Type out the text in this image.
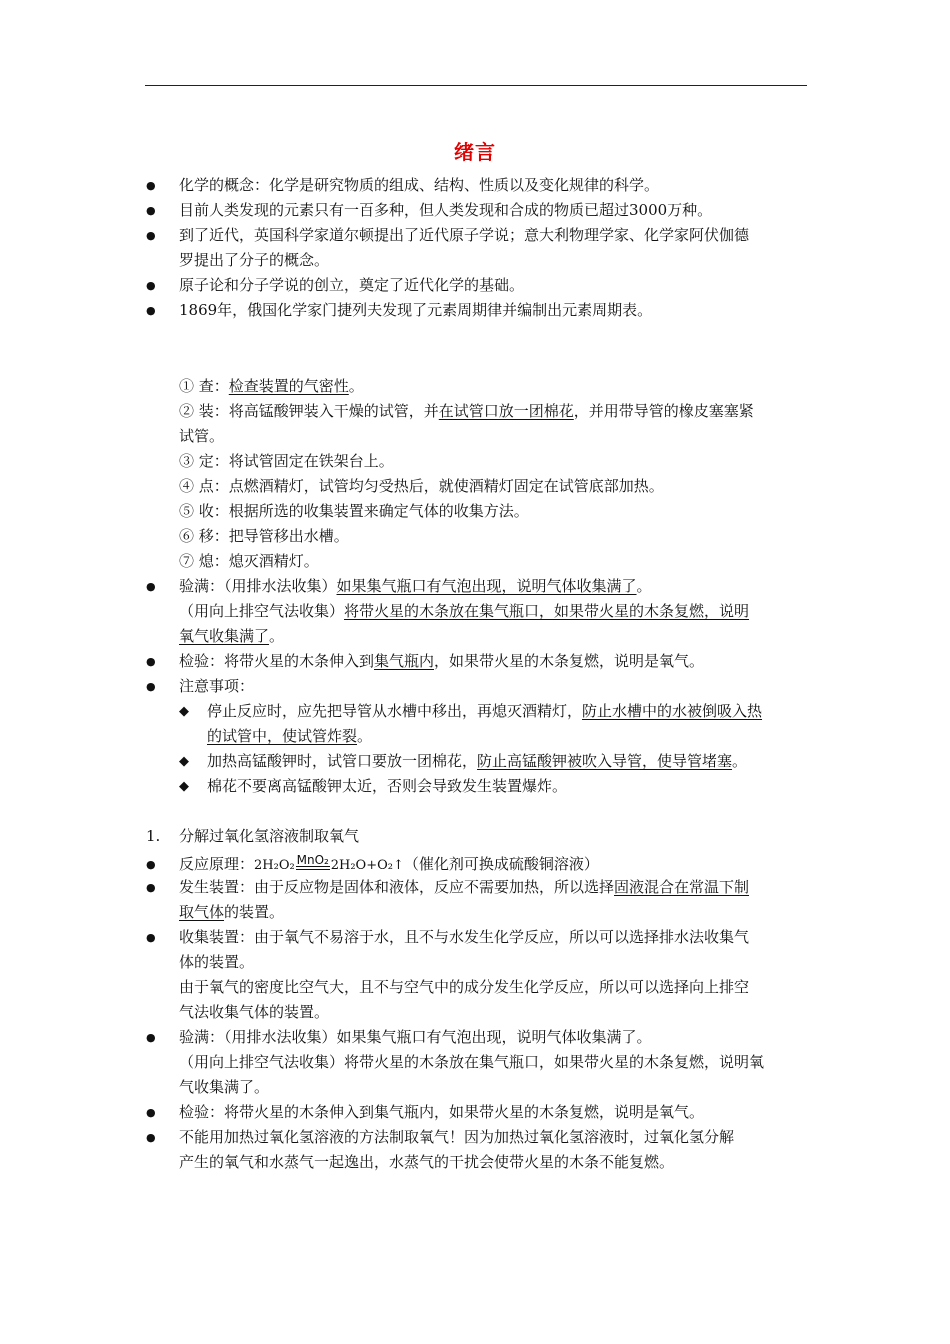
绪言
● 化学的概念：化学是研究物质的组成、结构、性质以及变化规律的科学。
● 目前人类发现的元素只有一百多种，但人类发现和合成的物质已超过3000万种。
● 到了近代，英国科学家道尔顿提出了近代原子学说；意大利物理学家、化学家阿伏伽德
罗提出了分子的概念。
● 原子论和分子学说的创立，奠定了近代化学的基础。
● 1869年，俄国化学家门捷列夫发现了元素周期律并编制出元素周期表。
① 查：检查装置的气密性。
② 装：将高锰酸钾装入干燥的试管，并在试管口放一团棉花，并用带导管的橡皮塞塞紧
试管。
③ 定：将试管固定在铁架台上。
④ 点：点燃酒精灯，试管均匀受热后，就使酒精灯固定在试管底部加热。
⑤ 收：根据所选的收集装置来确定气体的收集方法。
⑥ 移：把导管移出水槽。
⑦ 熄：熄灭酒精灯。
● 验满：（用排水法收集）如果集气瓶口有气泡出现，说明气体收集满了。
（用向上排空气法收集）将带火星的木条放在集气瓶口，如果带火星的木条复燃，说明
氧气收集满了。
● 检验：将带火星的木条伸入到集气瓶内，如果带火星的木条复燃，说明是氧气。
● 注意事项：
◆ 停止反应时，应先把导管从水槽中移出，再熄灭酒精灯，防止水槽中的水被倒吸入热
的试管中，使试管炸裂。
◆ 加热高锰酸钾时，试管口要放一团棉花，防止高锰酸钾被吹入导管，使导管堵塞。
◆ 棉花不要离高锰酸钾太近，否则会导致发生装置爆炸。
1. 分解过氧化氢溶液制取氧气
● 反应原理：2H₂O₂ MnO₂ 2H₂O+O₂↑（催化剂可换成硫酸铜溶液）
● 发生装置：由于反应物是固体和液体，反应不需要加热，所以选择固液混合在常温下制
取气体的装置。
● 收集装置：由于氧气不易溶于水，且不与水发生化学反应，所以可以选择排水法收集气
体的装置。
由于氧气的密度比空气大，且不与空气中的成分发生化学反应，所以可以选择向上排空
气法收集气体的装置。
● 验满：（用排水法收集）如果集气瓶口有气泡出现，说明气体收集满了。
（用向上排空气法收集）将带火星的木条放在集气瓶口，如果带火星的木条复燃，说明氧
气收集满了。
● 检验：将带火星的木条伸入到集气瓶内，如果带火星的木条复燃，说明是氧气。
● 不能用加热过氧化氢溶液的方法制取氧气！因为加热过氧化氢溶液时，过氧化氢分解
产生的氧气和水蒸气一起逸出，水蒸气的干扰会使带火星的木条不能复燃。
